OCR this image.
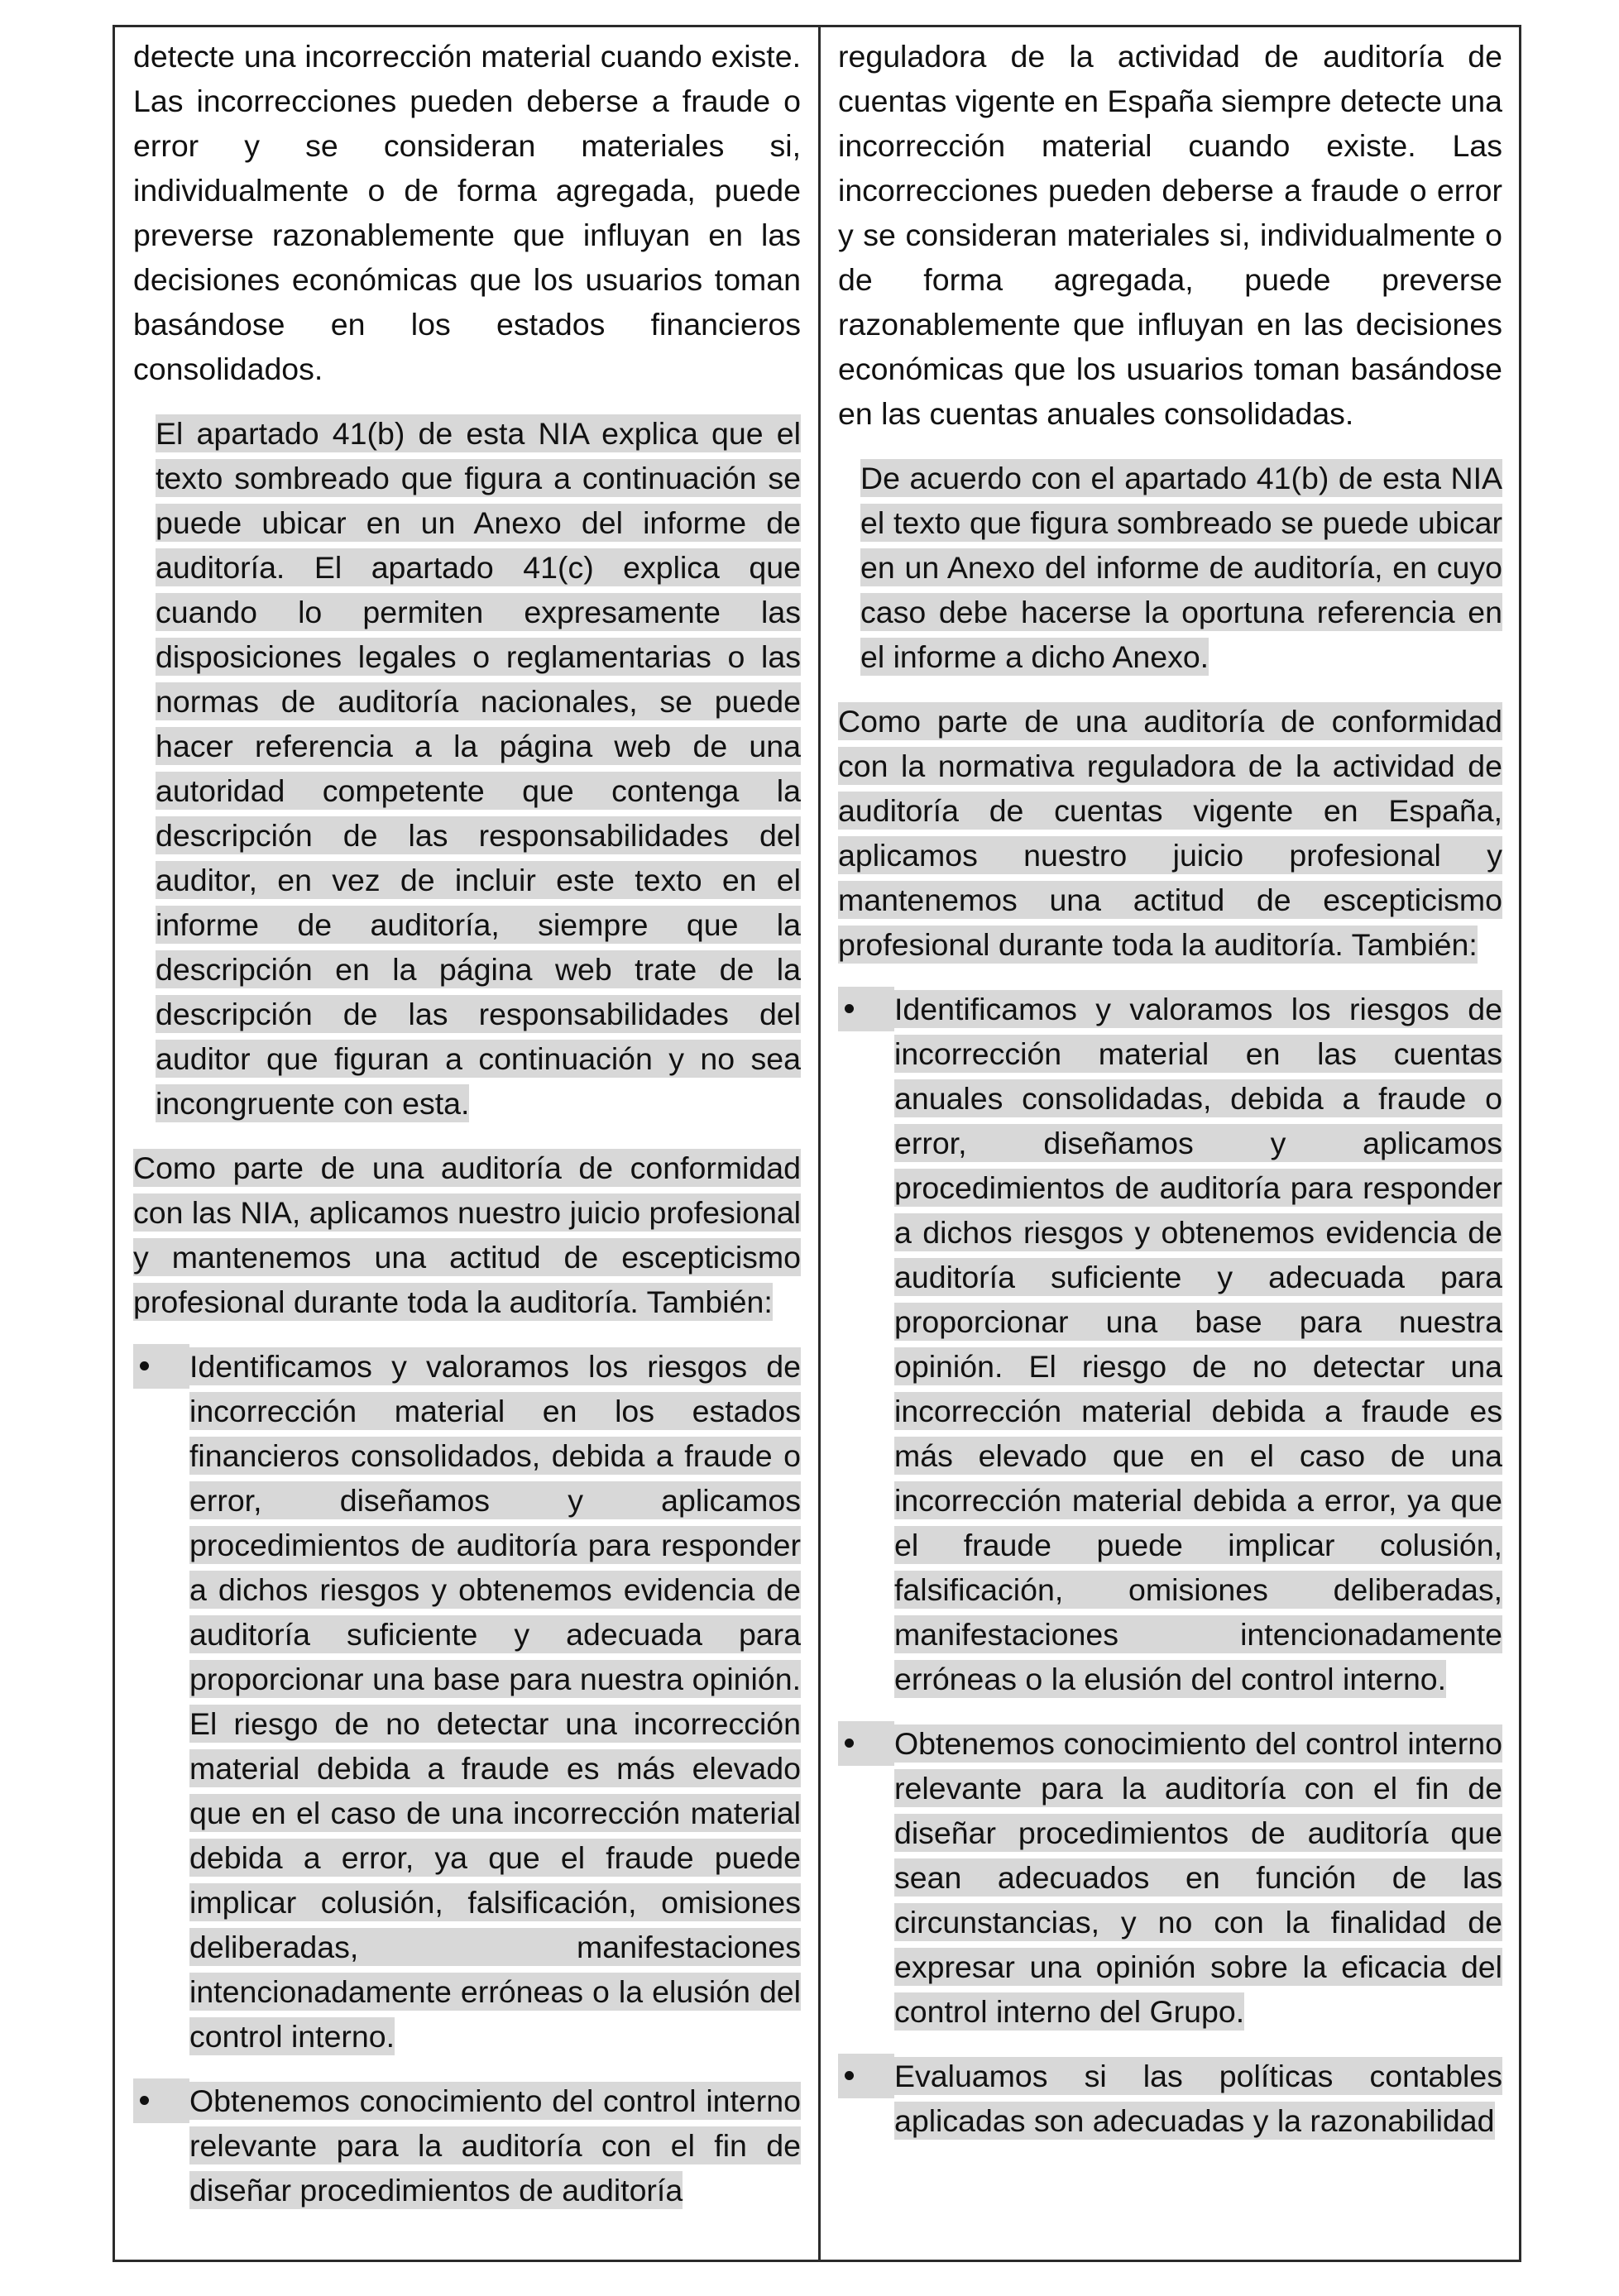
detecte una incorrección material cuando existe. Las incorrecciones pueden deberse a fraude o error y se consideran materiales si, individualmente o de forma agregada, puede preverse razonablemente que influyan en las decisiones económicas que los usuarios toman basándose en los estados financieros consolidados.

El apartado 41(b) de esta NIA explica que el texto sombreado que figura a continuación se puede ubicar en un Anexo del informe de auditoría. El apartado 41(c) explica que cuando lo permiten expresamente las disposiciones legales o reglamentarias o las normas de auditoría nacionales, se puede hacer referencia a la página web de una autoridad competente que contenga la descripción de las responsabilidades del auditor, en vez de incluir este texto en el informe de auditoría, siempre que la descripción en la página web trate de la descripción de las responsabilidades del auditor que figuran a continuación y no sea incongruente con esta.

Como parte de una auditoría de conformidad con las NIA, aplicamos nuestro juicio profesional y mantenemos una actitud de escepticismo profesional durante toda la auditoría. También:

Identificamos y valoramos los riesgos de incorrección material en los estados financieros consolidados, debida a fraude o error, diseñamos y aplicamos procedimientos de auditoría para responder a dichos riesgos y obtenemos evidencia de auditoría suficiente y adecuada para proporcionar una base para nuestra opinión. El riesgo de no detectar una incorrección material debida a fraude es más elevado que en el caso de una incorrección material debida a error, ya que el fraude puede implicar colusión, falsificación, omisiones deliberadas, manifestaciones intencionadamente erróneas o la elusión del control interno.
Obtenemos conocimiento del control interno relevante para la auditoría con el fin de diseñar procedimientos de auditoría

reguladora de la actividad de auditoría de cuentas vigente en España siempre detecte una incorrección material cuando existe. Las incorrecciones pueden deberse a fraude o error y se consideran materiales si, individualmente o de forma agregada, puede preverse razonablemente que influyan en las decisiones económicas que los usuarios toman basándose en las cuentas anuales consolidadas.

De acuerdo con el apartado 41(b) de esta NIA el texto que figura sombreado se puede ubicar en un Anexo del informe de auditoría, en cuyo caso debe hacerse la oportuna referencia en el informe a dicho Anexo.

Como parte de una auditoría de conformidad con la normativa reguladora de la actividad de auditoría de cuentas vigente en España, aplicamos nuestro juicio profesional y mantenemos una actitud de escepticismo profesional durante toda la auditoría. También:

Identificamos y valoramos los riesgos de incorrección material en las cuentas anuales consolidadas, debida a fraude o error, diseñamos y aplicamos procedimientos de auditoría para responder a dichos riesgos y obtenemos evidencia de auditoría suficiente y adecuada para proporcionar una base para nuestra opinión. El riesgo de no detectar una incorrección material debida a fraude es más elevado que en el caso de una incorrección material debida a error, ya que el fraude puede implicar colusión, falsificación, omisiones deliberadas, manifestaciones intencionadamente erróneas o la elusión del control interno.
Obtenemos conocimiento del control interno relevante para la auditoría con el fin de diseñar procedimientos de auditoría que sean adecuados en función de las circunstancias, y no con la finalidad de expresar una opinión sobre la eficacia del control interno del Grupo.
Evaluamos si las políticas contables aplicadas son adecuadas y la razonabilidad
